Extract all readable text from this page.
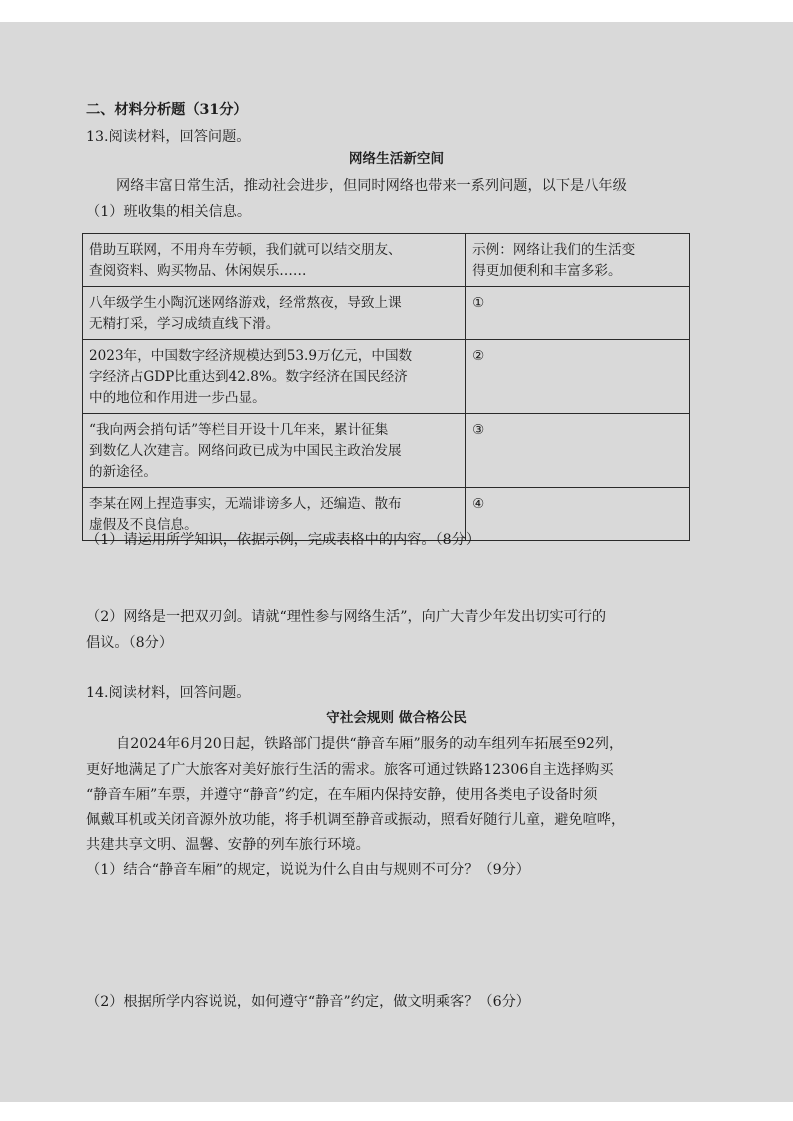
二、材料分析题（31分）
13.阅读材料，回答问题。
网络生活新空间
网络丰富日常生活，推动社会进步，但同时网络也带来一系列问题，以下是八年级
（1）班收集的相关信息。
借助互联网，不用舟车劳顿，我们就可以结交朋友、
查阅资料、购买物品、休闲娱乐……	示例：网络让我们的生活变
得更加便利和丰富多彩。
八年级学生小陶沉迷网络游戏，经常熬夜，导致上课
无精打采，学习成绩直线下滑。	①
2023年，中国数字经济规模达到53.9万亿元，中国数
字经济占GDP比重达到42.8%。数字经济在国民经济
中的地位和作用进一步凸显。	②
“我向两会捎句话”等栏目开设十几年来，累计征集
到数亿人次建言。网络问政已成为中国民主政治发展
的新途径。	③
李某在网上捏造事实，无端诽谤多人，还编造、散布
虚假及不良信息。	④
（1）请运用所学知识，依据示例，完成表格中的内容。（8分）
（2）网络是一把双刃剑。请就“理性参与网络生活”，向广大青少年发出切实可行的
倡议。（8分）
14.阅读材料，回答问题。
守社会规则 做合格公民
自2024年6月20日起，铁路部门提供“静音车厢”服务的动车组列车拓展至92列，
更好地满足了广大旅客对美好旅行生活的需求。旅客可通过铁路12306自主选择购买
“静音车厢”车票，并遵守“静音”约定，在车厢内保持安静，使用各类电子设备时须
佩戴耳机或关闭音源外放功能，将手机调至静音或振动，照看好随行儿童，避免喧哗，
共建共享文明、温馨、安静的列车旅行环境。
（1）结合“静音车厢”的规定，说说为什么自由与规则不可分？（9分）
（2）根据所学内容说说，如何遵守“静音”约定，做文明乘客？（6分）
